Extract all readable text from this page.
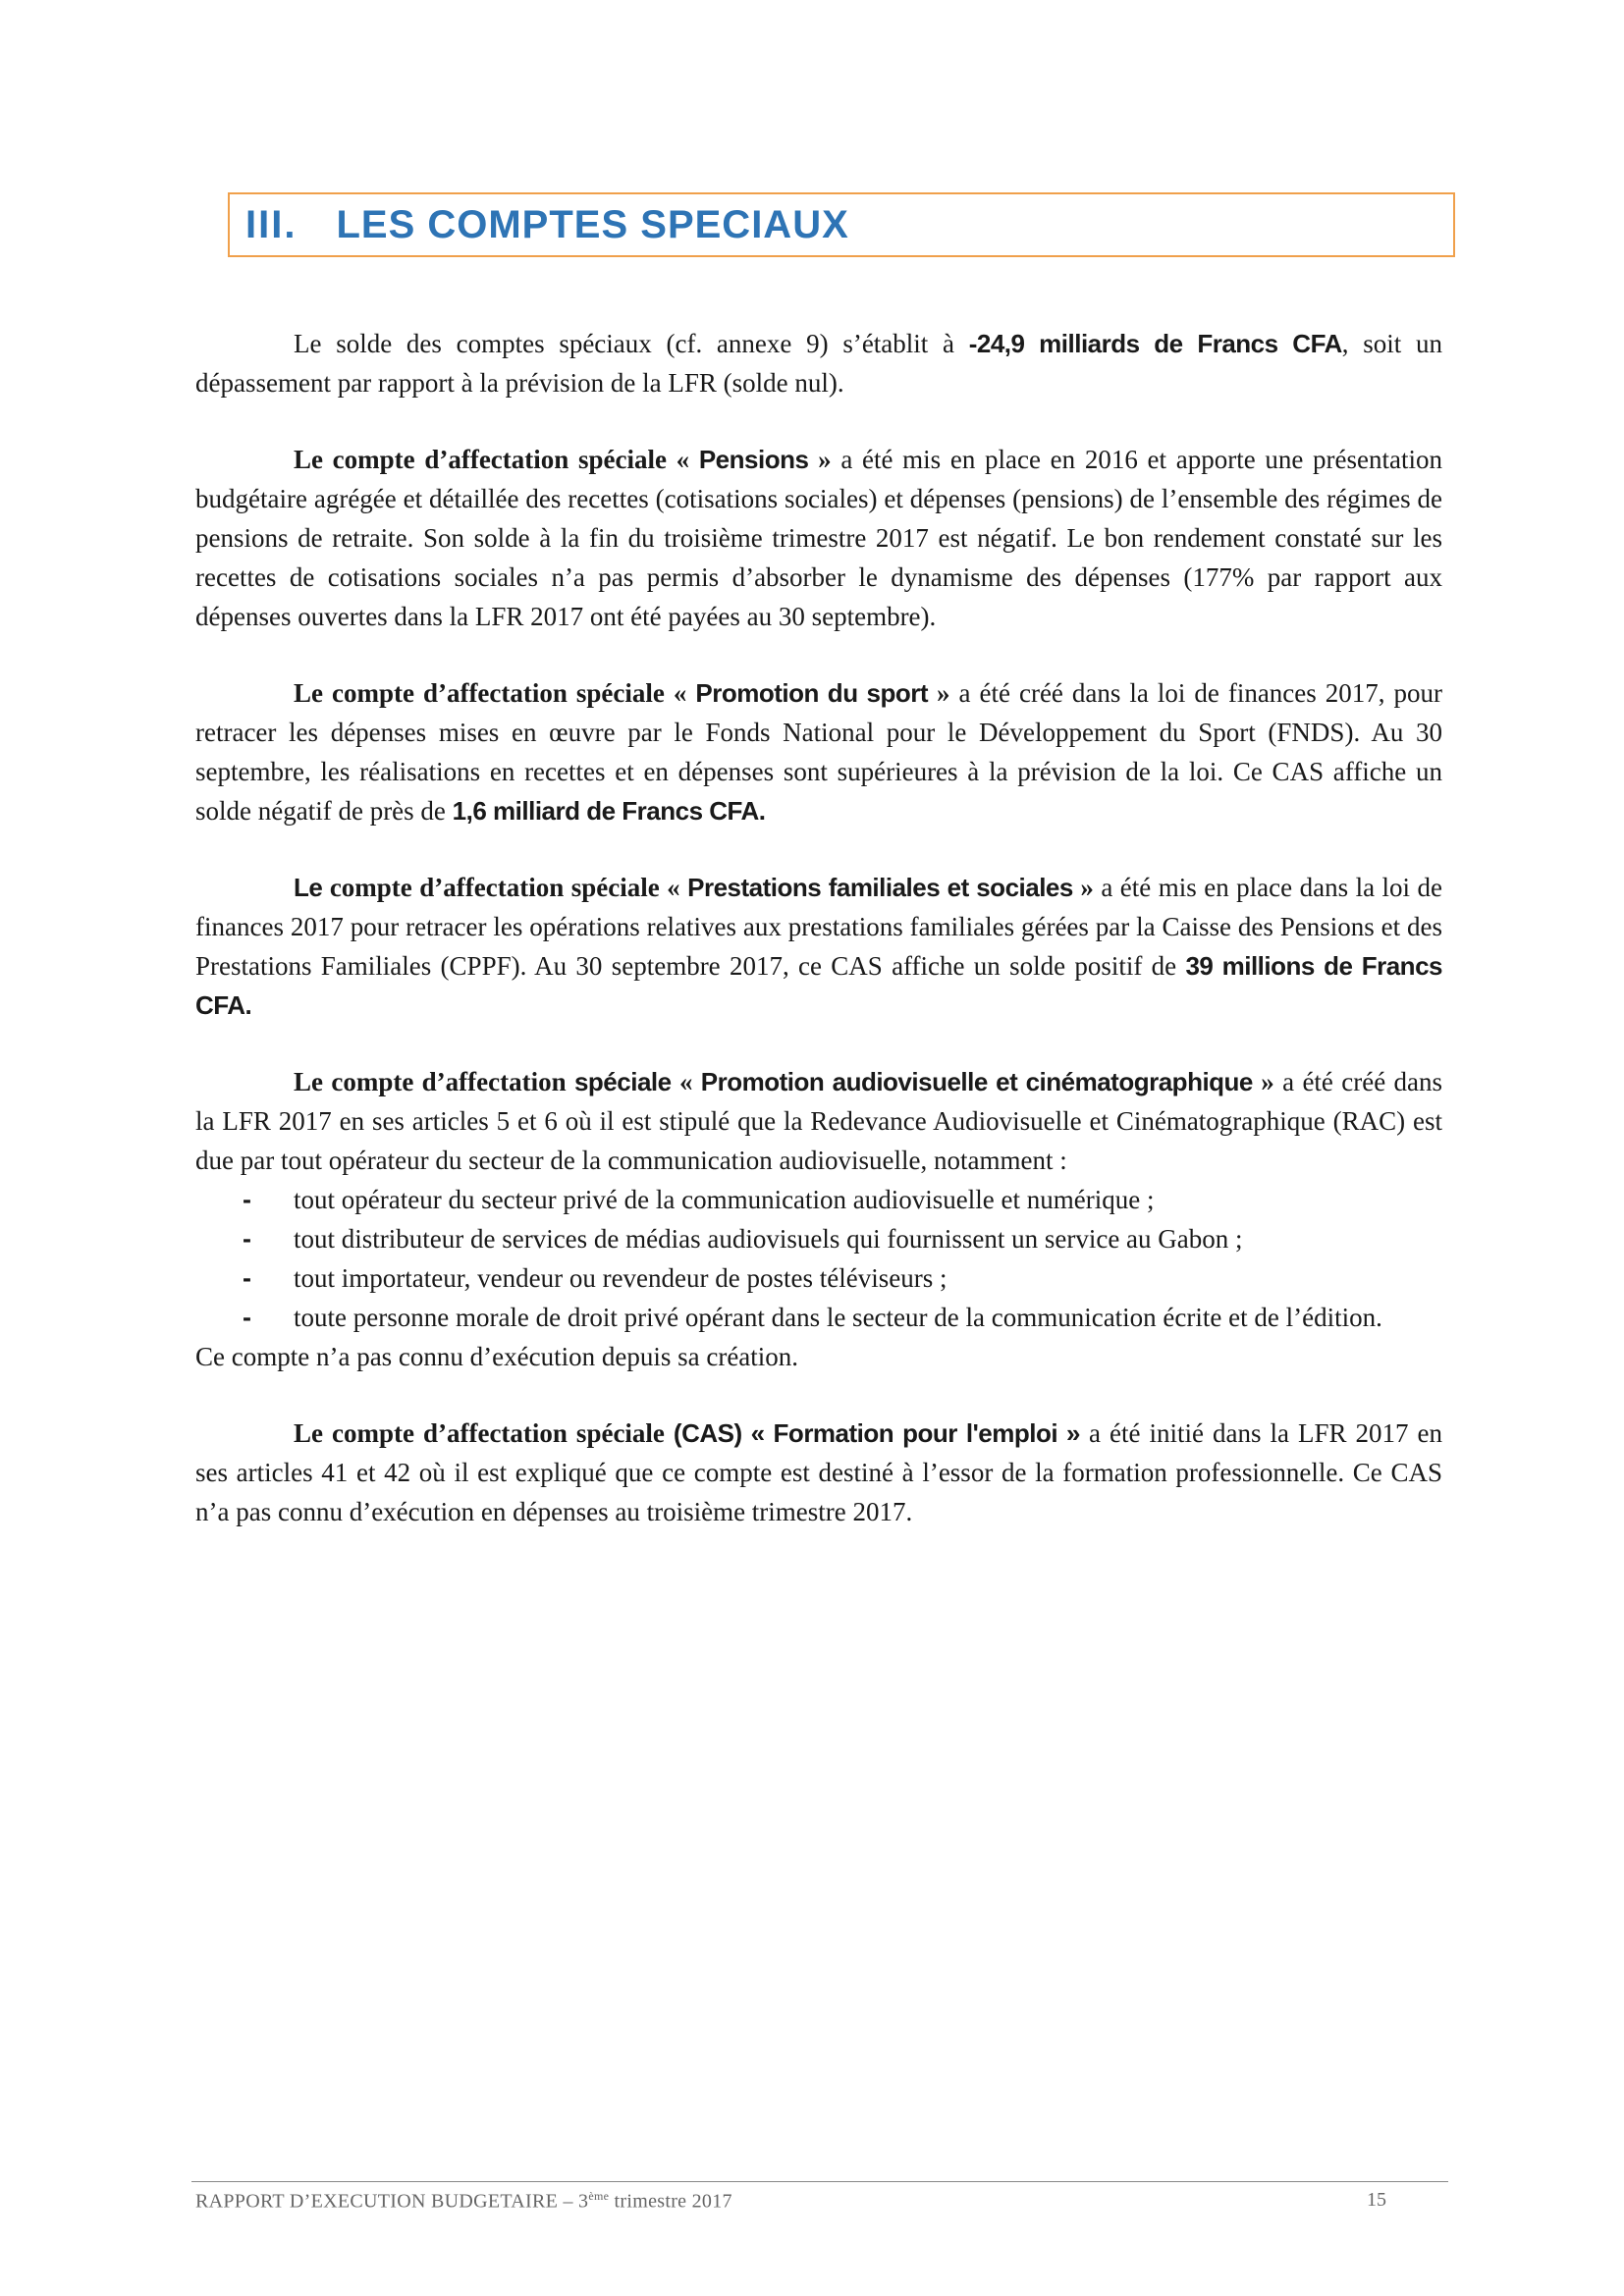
III. LES COMPTES SPECIAUX

Le solde des comptes spéciaux (cf. annexe 9) s’établit à -24,9 milliards de Francs CFA, soit un dépassement par rapport à la prévision de la LFR (solde nul).

Le compte d’affectation spéciale « Pensions » a été mis en place en 2016 et apporte une présentation budgétaire agrégée et détaillée des recettes (cotisations sociales) et dépenses (pensions) de l’ensemble des régimes de pensions de retraite. Son solde à la fin du troisième trimestre 2017 est négatif. Le bon rendement constaté sur les recettes de cotisations sociales n’a pas permis d’absorber le dynamisme des dépenses (177% par rapport aux dépenses ouvertes dans la LFR 2017 ont été payées au 30 septembre).

Le compte d’affectation spéciale « Promotion du sport » a été créé dans la loi de finances 2017, pour retracer les dépenses mises en œuvre par le Fonds National pour le Développement du Sport (FNDS). Au 30 septembre, les réalisations en recettes et en dépenses sont supérieures à la prévision de la loi. Ce CAS affiche un solde négatif de près de 1,6 milliard de Francs CFA.

Le compte d’affectation spéciale « Prestations familiales et sociales » a été mis en place dans la loi de finances 2017 pour retracer les opérations relatives aux prestations familiales gérées par la Caisse des Pensions et des Prestations Familiales (CPPF). Au 30 septembre 2017, ce CAS affiche un solde positif de 39 millions de Francs CFA.

Le compte d’affectation spéciale « Promotion audiovisuelle et cinématographique » a été créé dans la LFR 2017 en ses articles 5 et 6 où il est stipulé que la Redevance Audiovisuelle et Cinématographique (RAC) est due par tout opérateur du secteur de la communication audiovisuelle, notamment :

- tout opérateur du secteur privé de la communication audiovisuelle et numérique ;
- tout distributeur de services de médias audiovisuels qui fournissent un service au Gabon ;
- tout importateur, vendeur ou revendeur de postes téléviseurs ;
- toute personne morale de droit privé opérant dans le secteur de la communication écrite et de l’édition.

Ce compte n’a pas connu d’exécution depuis sa création.

Le compte d’affectation spéciale (CAS) « Formation pour l'emploi » a été initié dans la LFR 2017 en ses articles 41 et 42 où il est expliqué que ce compte est destiné à l’essor de la formation professionnelle. Ce CAS n’a pas connu d’exécution en dépenses au troisième trimestre 2017.

RAPPORT D’EXECUTION BUDGETAIRE – 3ème trimestre 2017	15
